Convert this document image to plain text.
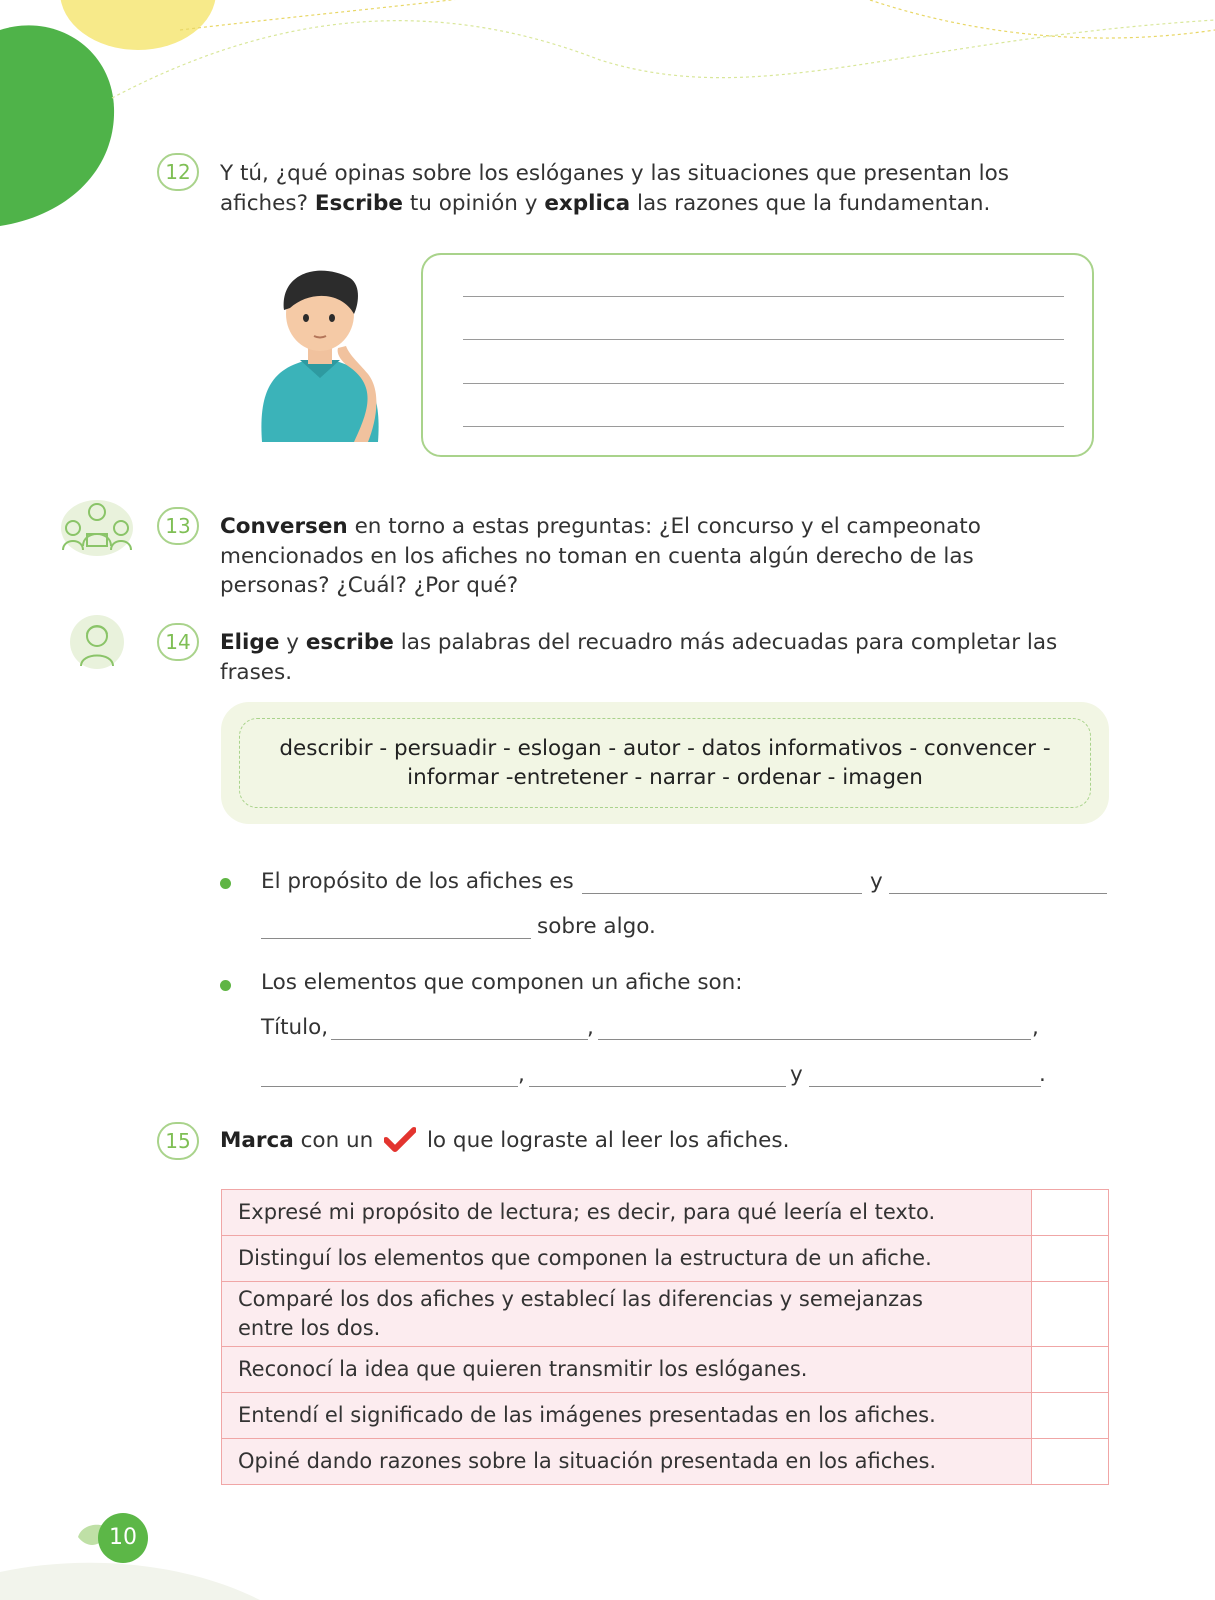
12	Y tú, ¿qué opinas sobre los eslóganes y las situaciones que presentan los afiches? Escribe tu opinión y explica las razones que la fundamentan.
13	Conversen en torno a estas preguntas: ¿El concurso y el campeonato mencionados en los afiches no toman en cuenta algún derecho de las personas? ¿Cuál? ¿Por qué?
14	Elige y escribe las palabras del recuadro más adecuadas para completar las frases.
describir - persuadir - eslogan - autor - datos informativos - convencer -
informar -entretener - narrar - ordenar - imagen
El propósito de los afiches es	y
sobre algo.
Los elementos que componen un afiche son:
Título,	,	,
,	y	.
15	Marca con un  lo que lograste al leer los afiches.
Expresé mi propósito de lectura; es decir, para qué leería el texto.	
Distinguí los elementos que componen la estructura de un afiche.	
Comparé los dos afiches y establecí las diferencias y semejanzas entre los dos.	
Reconocí la idea que quieren transmitir los eslóganes.	
Entendí el significado de las imágenes presentadas en los afiches.	
Opiné dando razones sobre la situación presentada en los afiches.	
10
